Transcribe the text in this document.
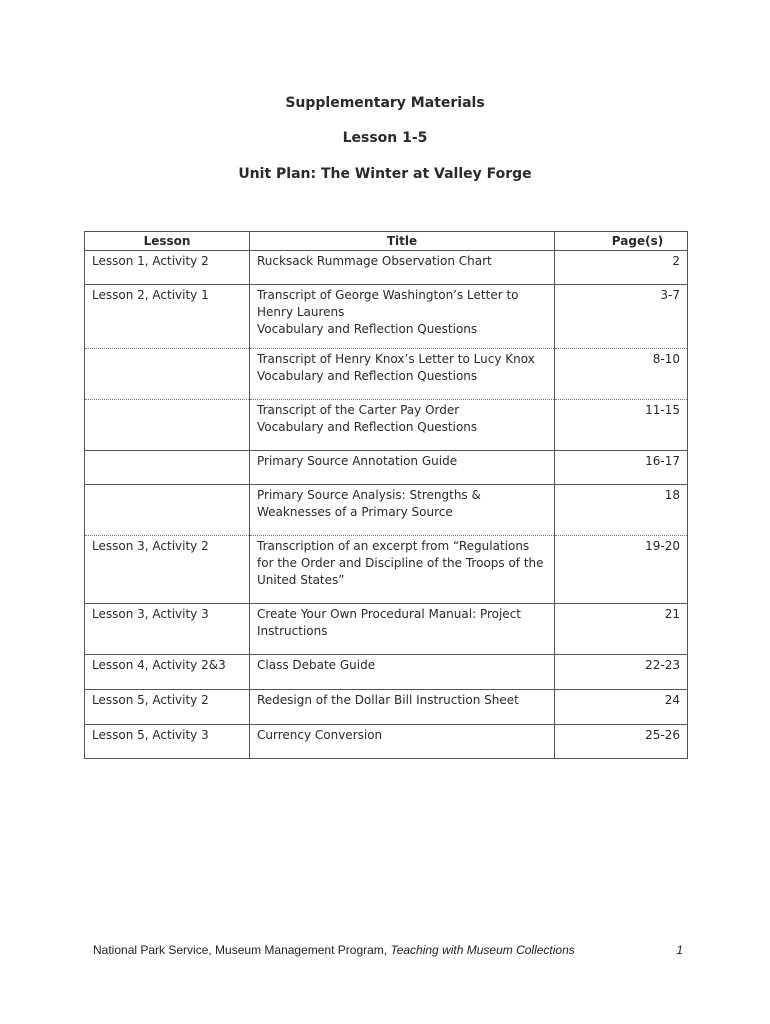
Supplementary Materials
Lesson 1-5
Unit Plan: The Winter at Valley Forge
Lesson	Title	Page(s)
Lesson 1, Activity 2	Rucksack Rummage Observation Chart	2
Lesson 2, Activity 1	Transcript of George Washington’s Letter to
Henry Laurens
Vocabulary and Reflection Questions	3-7

	Transcript of Henry Knox’s Letter to Lucy Knox
Vocabulary and Reflection Questions	8-10

	Transcript of the Carter Pay Order
Vocabulary and Reflection Questions	11-15

	Primary Source Annotation Guide	16-17

	Primary Source Analysis: Strengths &
Weaknesses of a Primary Source	18
Lesson 3, Activity 2	Transcription of an excerpt from “Regulations
for the Order and Discipline of the Troops of the
United States”	19-20
Lesson 3, Activity 3	Create Your Own Procedural Manual: Project
Instructions	21
Lesson 4, Activity 2&3	Class Debate Guide	22-23
Lesson 5, Activity 2	Redesign of the Dollar Bill Instruction Sheet	24
Lesson 5, Activity 3	Currency Conversion	25-26
National Park Service, Museum Management Program, Teaching with Museum Collections	1
